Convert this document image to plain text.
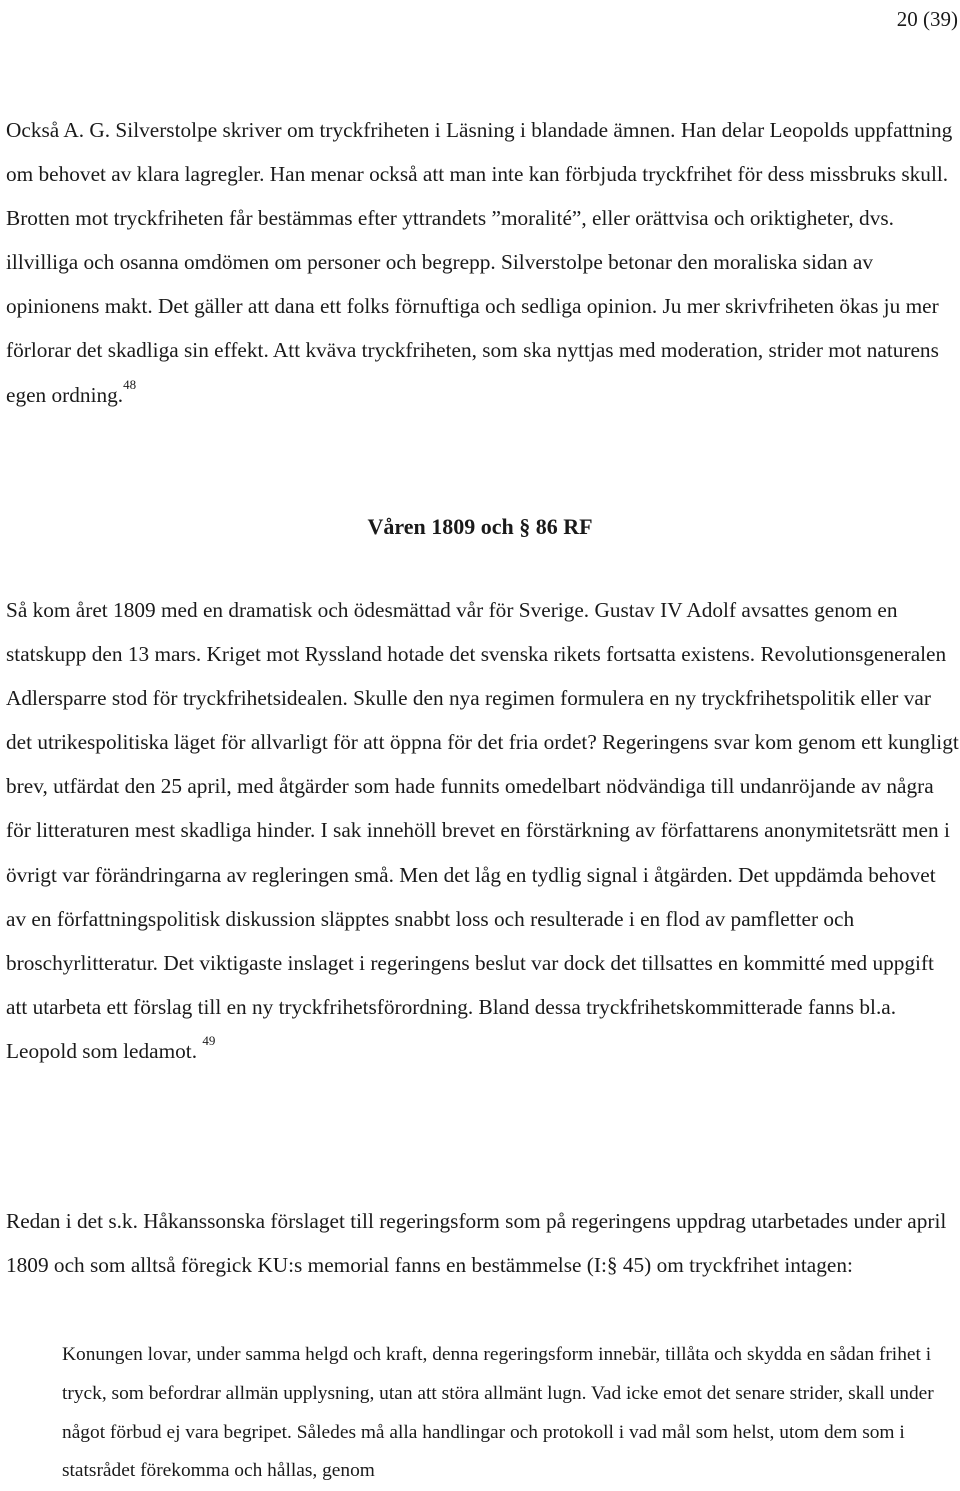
20 (39)

Också A. G. Silverstolpe skriver om tryckfriheten i Läsning i blandade ämnen. Han delar Leopolds uppfattning om behovet av klara lagregler. Han menar också att man inte kan förbjuda tryckfrihet för dess missbruks skull. Brotten mot tryckfriheten får bestämmas efter yttrandets ”moralité”, eller orättvisa och oriktigheter, dvs. illvilliga och osanna omdömen om personer och begrepp. Silverstolpe betonar den moraliska sidan av opinionens makt. Det gäller att dana ett folks förnuftiga och sedliga opinion. Ju mer skrivfriheten ökas ju mer förlorar det skadliga sin effekt. Att kväva tryckfriheten, som ska nyttjas med moderation, strider mot naturens egen ordning.$^{48}$

Våren 1809 och § 86 RF

Så kom året 1809 med en dramatisk och ödesmättad vår för Sverige. Gustav IV Adolf avsattes genom en statskupp den 13 mars. Kriget mot Ryssland hotade det svenska rikets fortsatta existens. Revolutionsgeneralen Adlersparre stod för tryckfrihetsidealen. Skulle den nya regimen formulera en ny tryckfrihetspolitik eller var det utrikespolitiska läget för allvarligt för att öppna för det fria ordet? Regeringens svar kom genom ett kungligt brev, utfärdat den 25 april, med åtgärder som hade funnits omedelbart nödvändiga till undanröjande av några för litteraturen mest skadliga hinder. I sak innehöll brevet en förstärkning av författarens anonymitetsrätt men i övrigt var förändringarna av regleringen små. Men det låg en tydlig signal i åtgärden. Det uppdämda behovet av en författningspolitisk diskussion släpptes snabbt loss och resulterade i en flod av pamfletter och broschyrlitteratur. Det viktigaste inslaget i regeringens beslut var dock det tillsattes en kommitté med uppgift att utarbeta ett förslag till en ny tryckfrihetsförordning. Bland dessa tryckfrihetskommitterade fanns bl.a. Leopold som ledamot. $^{49}$

Redan i det s.k. Håkanssonska förslaget till regeringsform som på regeringens uppdrag utarbetades under april 1809 och som alltså föregick KU:s memorial fanns en bestämmelse (I:§ 45) om tryckfrihet intagen:

Konungen lovar, under samma helgd och kraft, denna regeringsform innebär, tillåta och skydda en sådan frihet i tryck, som befordrar allmän upplysning, utan att störa allmänt lugn. Vad icke emot det senare strider, skall under något förbud ej vara begripet. Således må alla handlingar och protokoll i vad mål som helst, utom dem som i statsrådet förekomma och hållas, genom
